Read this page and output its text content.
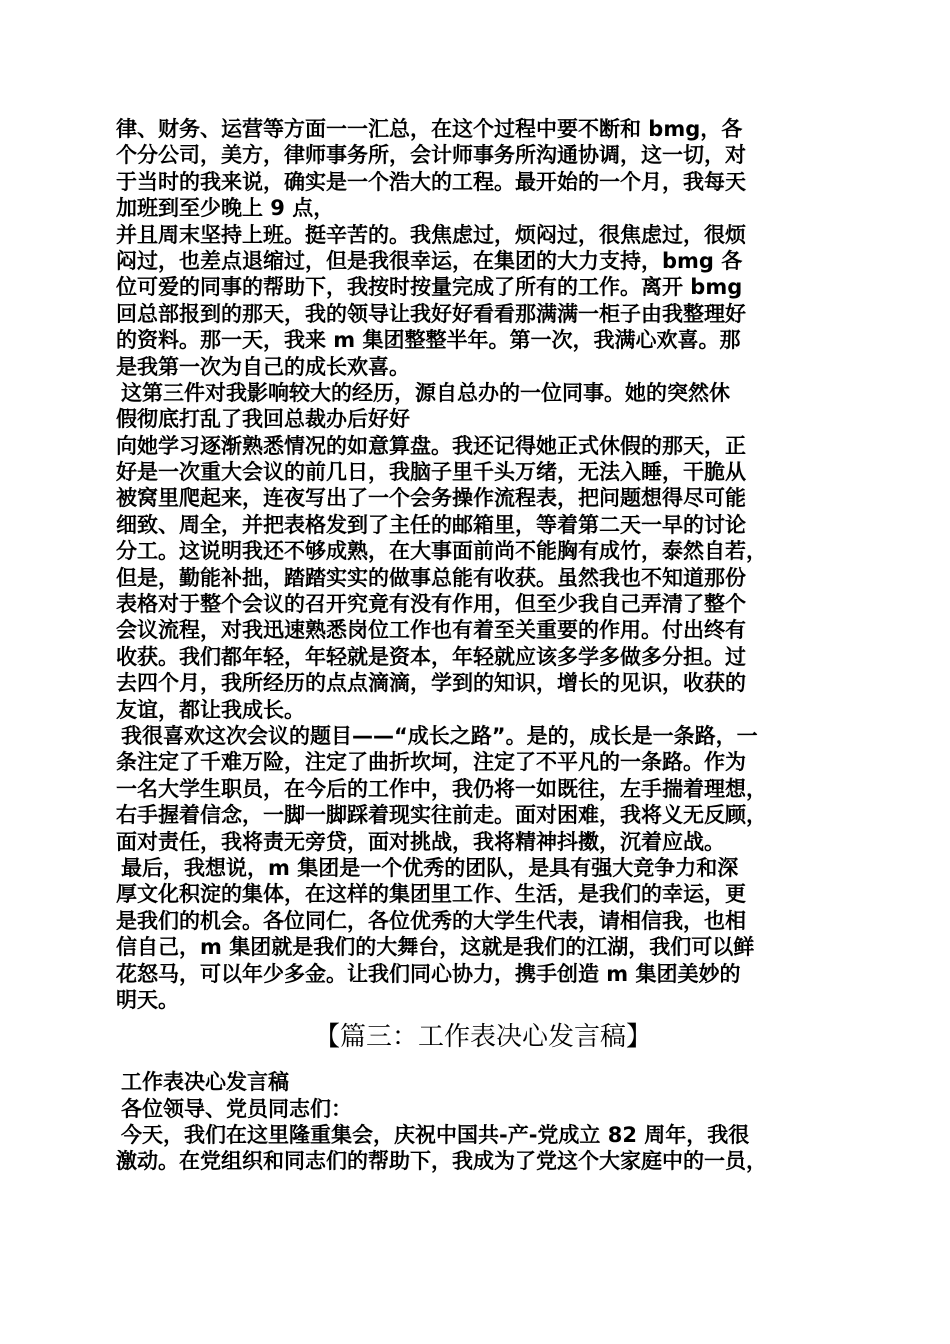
律、财务、运营等方面一一汇总，在这个过程中要不断和 bmg，各
个分公司，美方，律师事务所，会计师事务所沟通协调，这一切，对
于当时的我来说，确实是一个浩大的工程。最开始的一个月，我每天
加班到至少晚上 9 点，
并且周末坚持上班。挺辛苦的。我焦虑过，烦闷过，很焦虑过，很烦
闷过，也差点退缩过，但是我很幸运，在集团的大力支持，bmg 各
位可爱的同事的帮助下，我按时按量完成了所有的工作。离开 bmg
回总部报到的那天，我的领导让我好好看看那满满一柜子由我整理好
的资料。那一天，我来 m 集团整整半年。第一次，我满心欢喜。那
是我第一次为自己的成长欢喜。
这第三件对我影响较大的经历，源自总办的一位同事。她的突然休
假彻底打乱了我回总裁办后好好
向她学习逐渐熟悉情况的如意算盘。我还记得她正式休假的那天，正
好是一次重大会议的前几日，我脑子里千头万绪，无法入睡，干脆从
被窝里爬起来，连夜写出了一个会务操作流程表，把问题想得尽可能
细致、周全，并把表格发到了主任的邮箱里，等着第二天一早的讨论
分工。这说明我还不够成熟，在大事面前尚不能胸有成竹，泰然自若，
但是，勤能补拙，踏踏实实的做事总能有收获。虽然我也不知道那份
表格对于整个会议的召开究竟有没有作用，但至少我自己弄清了整个
会议流程，对我迅速熟悉岗位工作也有着至关重要的作用。付出终有
收获。我们都年轻，年轻就是资本，年轻就应该多学多做多分担。过
去四个月，我所经历的点点滴滴，学到的知识，增长的见识，收获的
友谊，都让我成长。
我很喜欢这次会议的题目——“成长之路”。是的，成长是一条路，一
条注定了千难万险，注定了曲折坎坷，注定了不平凡的一条路。作为
一名大学生职员，在今后的工作中，我仍将一如既往，左手揣着理想，
右手握着信念，一脚一脚踩着现实往前走。面对困难，我将义无反顾，
面对责任，我将责无旁贷，面对挑战，我将精神抖擞，沉着应战。
最后，我想说，m 集团是一个优秀的团队，是具有强大竞争力和深
厚文化积淀的集体，在这样的集团里工作、生活，是我们的幸运，更
是我们的机会。各位同仁，各位优秀的大学生代表，请相信我，也相
信自己，m 集团就是我们的大舞台，这就是我们的江湖，我们可以鲜
花怒马，可以年少多金。让我们同心协力，携手创造 m 集团美妙的
明天。
【篇三：工作表决心发言稿】
工作表决心发言稿
各位领导、党员同志们：
今天，我们在这里隆重集会，庆祝中国共-产-党成立 82 周年，我很
激动。在党组织和同志们的帮助下，我成为了党这个大家庭中的一员，
